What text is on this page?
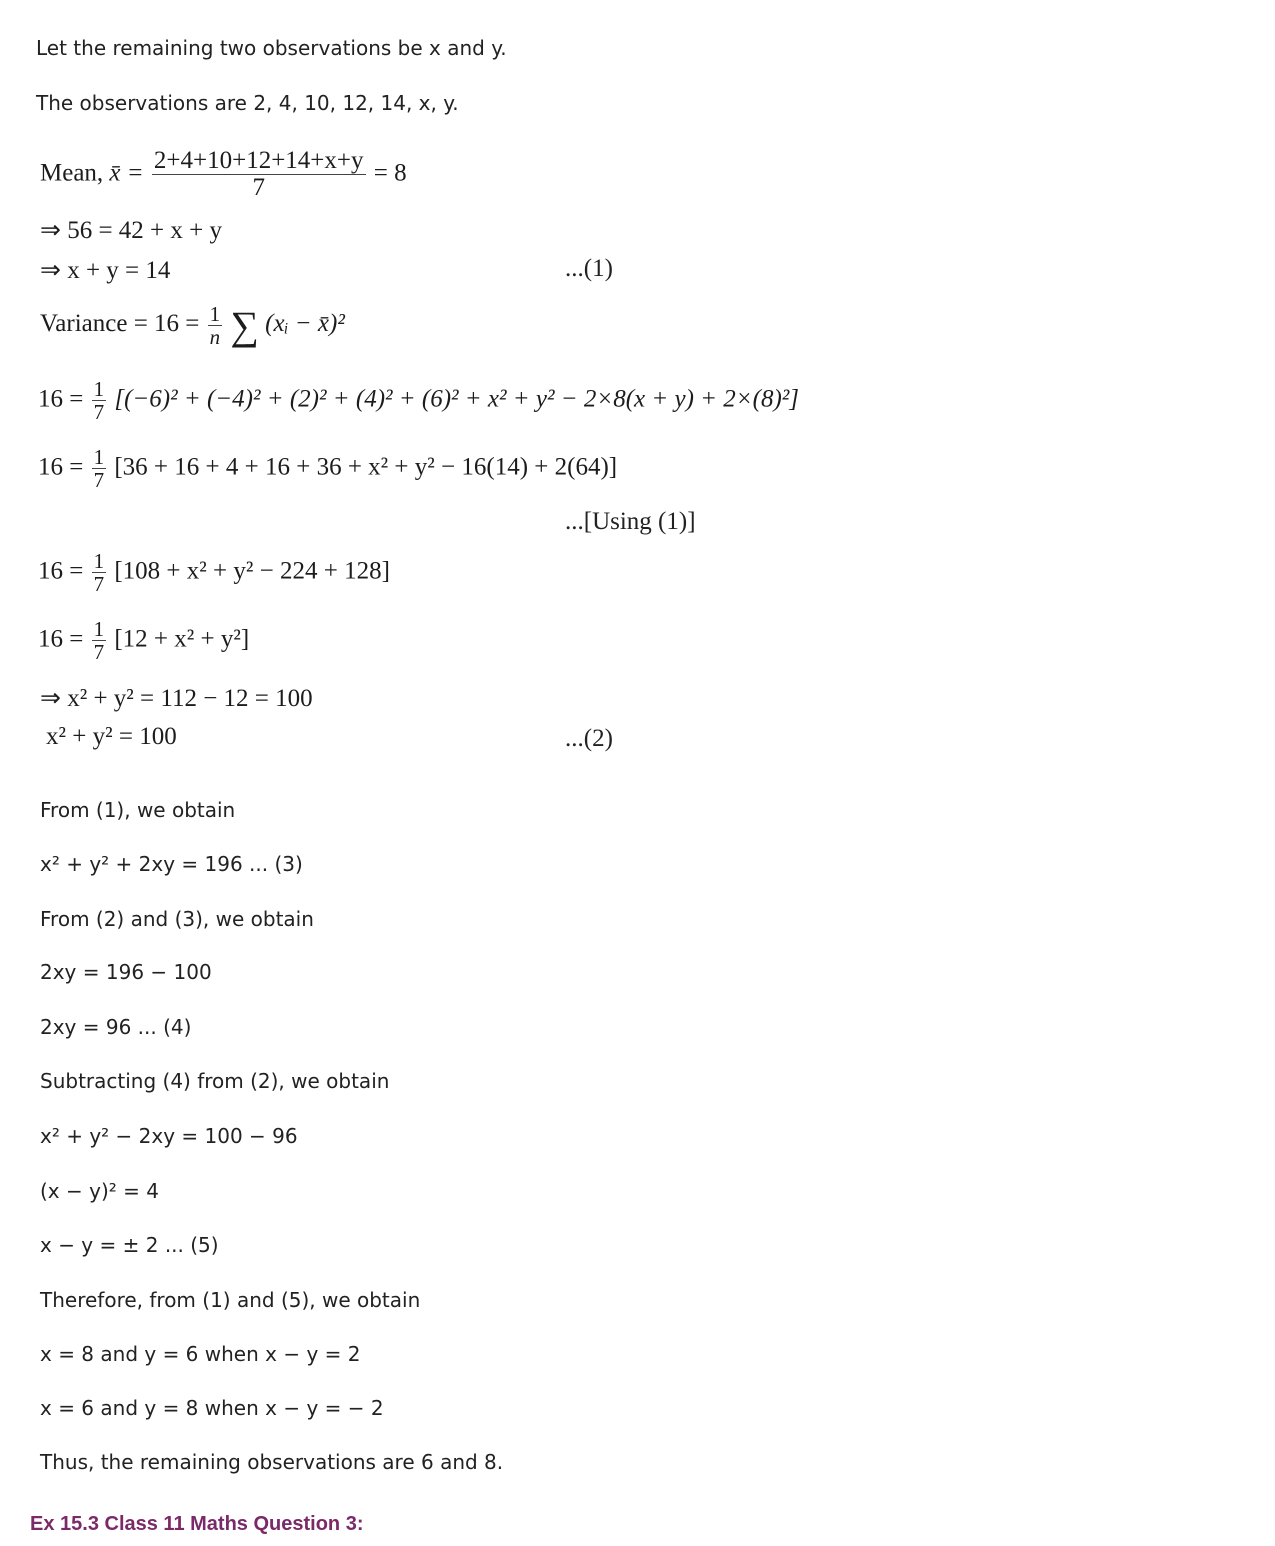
Let the remaining two observations be x and y.
The observations are 2, 4, 10, 12, 14, x, y.
Mean, x̄ = $\frac{2+4+10+12+14+x+y}{7} = 8$
⇒ 56 = 42 + x + y
⇒ x + y = 14	...(1)
Variance = $16 = \frac{1}{n}$ ∑ (xᵢ − x̄)²
$16 = \frac{1}{7} [(-6)^2 + (-4)^2 + (2)^2 + (4)^2 + (6)^2 + x^2 + y^2 - 2\times 8(x + y) + 2\times(8)^2]$
$16 = \frac{1}{7} [36 + 16 + 4 + 16 + 36 + x^2 + y^2 - 16(14) + 2(64)]$
...[Using (1)]
$16 = \frac{1}{7} [108 + x^2 + y^2 - 224 + 128]$
$16 = \frac{1}{7} [12 + x^2 + y^2]$
⇒ x² + y² = 112 − 12 = 100
x² + y² = 100	...(2)
From (1), we obtain
x² + y² + 2xy = 196 ... (3)
From (2) and (3), we obtain
2xy = 196 − 100
2xy = 96 ... (4)
Subtracting (4) from (2), we obtain
x² + y² − 2xy = 100 − 96
(x − y)² = 4
x − y = ± 2 ... (5)
Therefore, from (1) and (5), we obtain
x = 8 and y = 6 when x − y = 2
x = 6 and y = 8 when x − y = − 2
Thus, the remaining observations are 6 and 8.
Ex 15.3 Class 11 Maths Question 3:
